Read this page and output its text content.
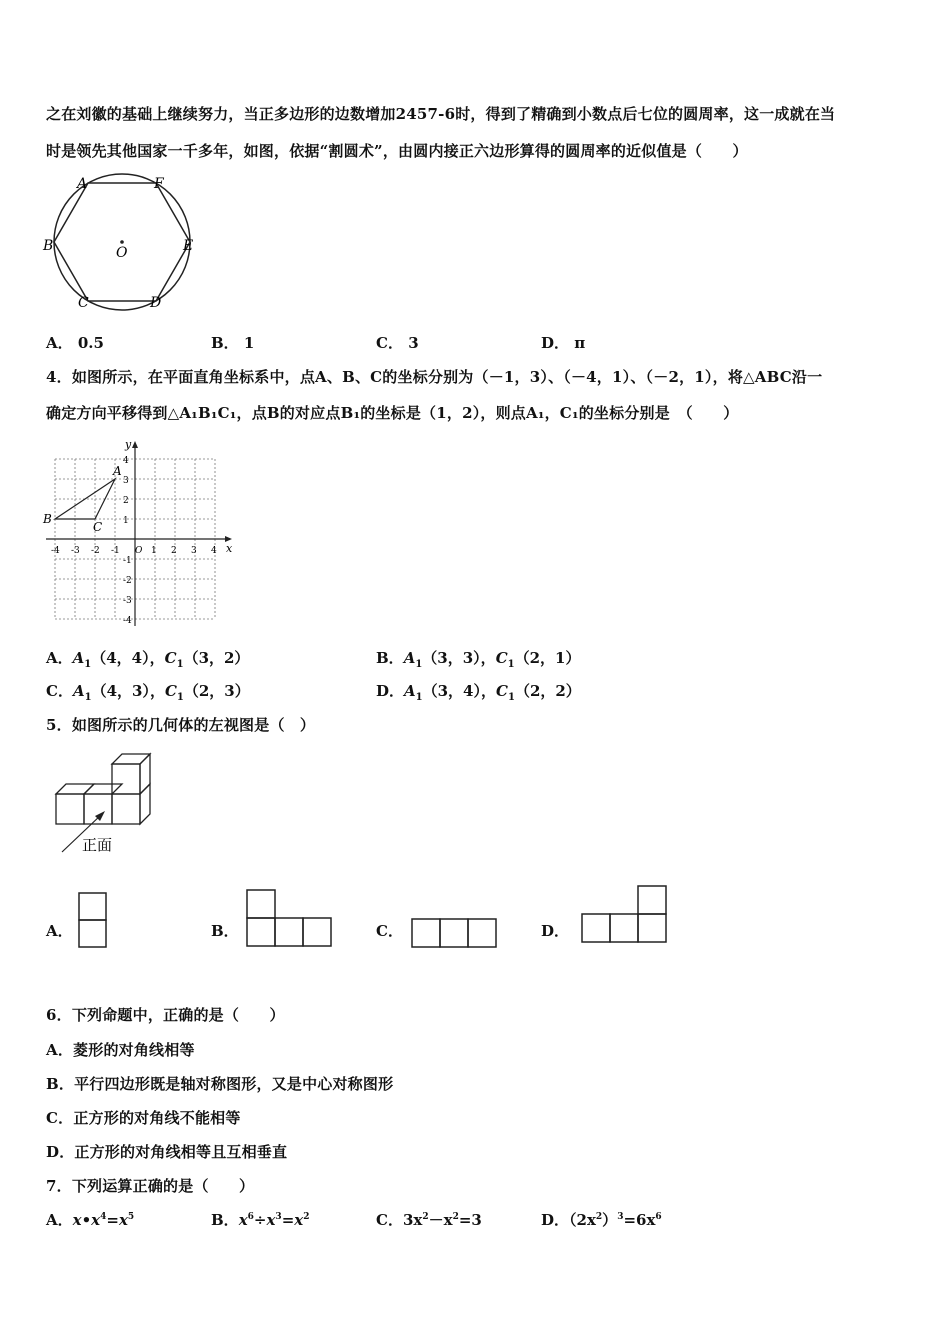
之在刘徽的基础上继续努力，当正多边形的边数增加2457-6时，得到了精确到小数点后七位的圆周率，这一成就在当
时是领先其他国家一千多年，如图，依据“割圆术”，由圆内接正六边形算得的圆周率的近似值是（　　）
A	F
B	E
C	D
O
A． 0.5	B． 1	C． 3	D． π
4．如图所示，在平面直角坐标系中，点A、B、C的坐标分别为（－1，3）、（－4，1）、（－2，1），将△ABC沿一
确定方向平移得到△A₁B₁C₁，点B的对应点B₁的坐标是（1，2），则点A₁，C₁的坐标分别是　（　　）
x
y
-4 -3 -2 -1 O 1 2 3 4
4
3
2
1
-1
-2
-3
-4
A
B
C
A．$A_1(4$，4），$C_1(3$，2）	B．$A_1(3$，3），$C_1(2$，1）
C．$A_1(4$，3），$C_1(2$，3）	D．$A_1(3$，4），$C_1(2$，2）
5．如图所示的几何体的左视图是（　）
正面
A．	B．	C．	D．
6．下列命题中，正确的是（　　）
A．菱形的对角线相等
B．平行四边形既是轴对称图形，又是中心对称图形
C．正方形的对角线不能相等
D．正方形的对角线相等且互相垂直
7．下列运算正确的是（　　）
A．$x•x^4=x^5$	B．$x^6\div x^3=x^2$	C．$3x^2-x^2=3$	D．$(2x^2)^3=6x^6$
